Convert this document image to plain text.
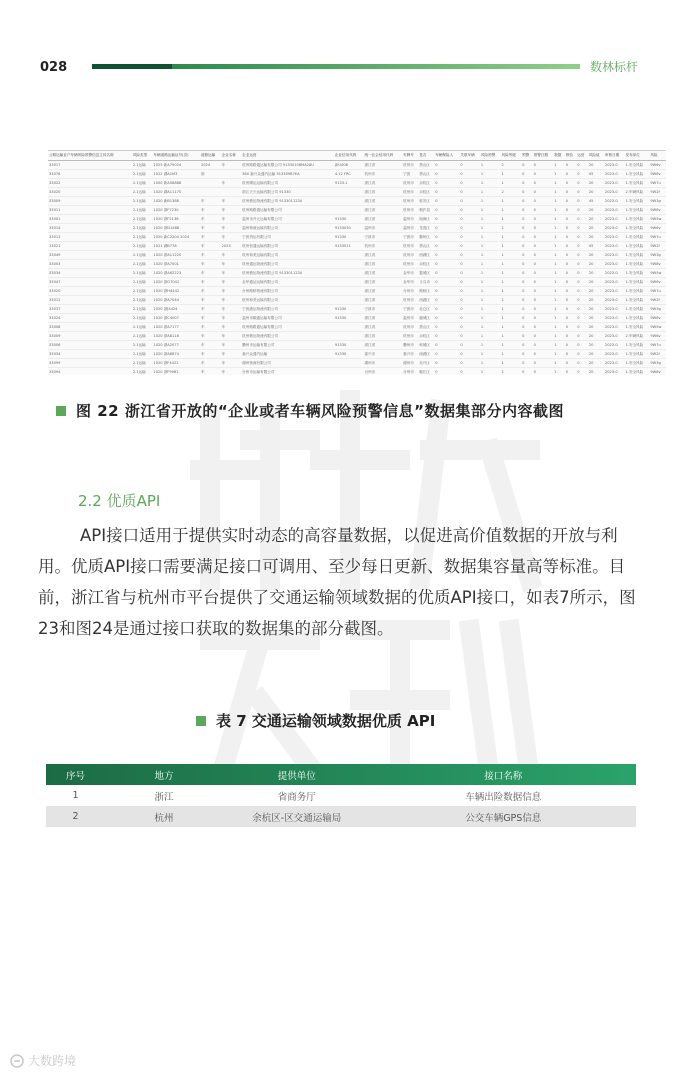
028	数林标杆
公路运输业户车辆风险预警信息主体名称	风险类型	车辆道路运输证号(页)	道路运输	企业名称	企业运营	企业信用代码	统一社会信用代码	车牌号	是否	车辆保险人	关联车辆	风险预警	风险等级	预警	预警日期	数据	核验	运营	风险值	审核日期	发布单位	风险
33017	2.1运输	1023 新A79024	2024	车	杭州路路通运输有限公司 91330108MA28U	新U008	浙江省	杭州市	萧山区	0	0	1	2	0	0	1	0	0	20	2023-0	1.安全风险	9W6v
33076	2.1运输	1022 湖A1M3	浙		360 嘉兴众通汽运输 913309B7EA	4.12 FRC	杭州市	宁波	萧山区	0	0	1	1	0	0	1	0	0	45	2023-0	1.安全风险	9W8v
33022	2.1运输	1000 新A58888		车	杭州腾运运输有限公司	9133.1	浙江省	杭州市	余杭区	0	0	1	1	0	0	1	0	0	20	2023-0	1.安全风险	9W7u
33020	2.1运输	1020 湖A1117S			浙江天天运输有限公司 91330		浙江省	杭州市	余杭区	0	0	1	2	0	0	1	0	0	20	2023-0	2.车辆风险	9W2f
33009	2.1运输	1020 新B1388	车	车	杭州鼎运物流有限公司 9133011234		浙江省	杭州市	临安区	0	0	1	1	0	0	1	0	0	45	2023-0	1.安全风险	9W3g
33011	2.1运输	1020 浙F7230	车	车	杭州路路通运输有限公司		浙江省	杭州市	桐庐县	0	0	1	1	0	0	1	0	0	20	2023-0	1.安全风险	9W8v
33001	2.1运输	1020 浙F2136	车	车	温州市开元运输有限公司	91330	浙江省	温州市	瓯海区	0	0	1	1	0	0	1	0	0	20	2023-0	1.安全风险	9W5w
33014	2.1运输	1020 浙D1488	车	车	温州物流运输有限公司	9133030	温州市	温州市	龙湾区	0	0	1	1	0	0	1	0	0	20	2023-0	1.安全风险	9W6v
33013	2.1运输	1020 新C2204 2024	车	车	宁波货运有限公司	91330	宁波市	宁波市	鄞州区	0	0	1	1	0	0	1	0	0	20	2023-0	1.安全风险	9W7u
13021	2.1运输	1021 湖B778	车	2023	杭州恒通运输有限公司	9133011	杭州市	杭州市	萧山区	0	0	1	1	0	0	1	0	0	45	2023-0	1.安全风险	9W2f
33049	2.1运输	1020 浙A1122S	车	车	杭州和美运输有限公司		浙江省	杭州市	西湖区	0	0	1	1	0	0	1	0	0	20	2023-0	1.安全风险	9W3g
33003	2.1运输	1020 浙A7001	车	车	杭州通运物流有限公司		浙江省	杭州市	余杭区	0	0	1	1	0	0	1	0	0	20	2023-0	1.安全风险	9W8v
33034	2.1运输	1020 浙A62223	车	车	杭州鼎运物流有限公司 9133011234		浙江省	金华市	婺城区	0	0	1	1	0	0	1	0	0	20	2023-0	1.安全风险	9W5w
33047	2.1运输	1020 浙G7042	车	车	金华通达运输有限公司		浙江省	金华市	义乌市	0	0	1	1	0	0	1	0	0	20	2023-0	1.安全风险	9W6v
33020	2.1运输	1020 浙H4442	车	车	台州路桥物流有限公司		浙江省	台州市	路桥区	0	0	1	1	0	0	1	0	0	20	2023-0	1.安全风险	9W7u
33012	2.1运输	1020 浙A7044	车	车	杭州和美运输有限公司		浙江省	杭州市	西湖区	0	0	1	1	0	0	1	0	0	20	2023-0	1.安全风险	9W2f
33037	2.1运输	1020 浙J4424	车	车	宁波港运物流有限公司	91330	宁波市	宁波市	北仑区	0	0	1	1	0	0	1	0	0	20	2023-0	1.安全风险	9W3g
33024	2.1运输	1020 浙C4007	车	车	温州市顺通运输有限公司	91330	浙江省	温州市	鹿城区	0	0	1	1	0	0	1	0	0	20	2023-0	1.安全风险	9W8v
33008	2.1运输	1020 浙A7177	车	车	杭州路路通运输有限公司		浙江省	杭州市	萧山区	0	0	1	1	0	0	1	0	0	20	2023-0	1.安全风险	9W5w
33009	2.1运输	1020 浙A8118	车	车	杭州鼎运物流有限公司		浙江省	杭州市	余杭区	0	0	1	1	0	0	1	0	0	20	2023-0	2.车辆风险	9W6v
33006	2.1运输	1020 浙A2077	车	车	衢州市运输有限公司	91330	浙江省	衢州市	柯城区	0	0	1	1	0	0	1	0	0	20	2023-0	1.安全风险	9W7u
33034	2.1运输	1020 浙A8874	车	车	嘉兴众通汽运输	91330	嘉兴市	嘉兴市	南湖区	0	0	1	1	0	0	1	0	0	20	2023-0	1.安全风险	9W2f
33099	2.1运输	1020 浙F4422	车	车	湖州物流有限公司		湖州市	湖州市	吴兴区	0	0	1	1	0	0	1	0	0	20	2023-0	1.安全风险	9W3g
33094	2.1运输	1020 浙F9981	车	车	台州市运输有限公司		台州市	台州市	椒江区	0	0	1	1	0	0	1	0	0	20	2023-0	1.安全风险	9W8v
图 22 浙江省开放的“企业或者车辆风险预警信息”数据集部分内容截图
2.2 优质API

API接口适用于提供实时动态的高容量数据，以促进高价值数据的开放与利用。优质API接口需要满足接口可调用、至少每日更新、数据集容量高等标准。目前，浙江省与杭州市平台提供了交通运输领域数据的优质API接口，如表7所示，图23和图24是通过接口获取的数据集的部分截图。

表 7 交通运输领域数据优质 API
序号	地方	提供单位	接口名称
1	浙江	省商务厅	车辆出险数据信息
2	杭州	余杭区-区交通运输局	公交车辆GPS信息
大数跨境
